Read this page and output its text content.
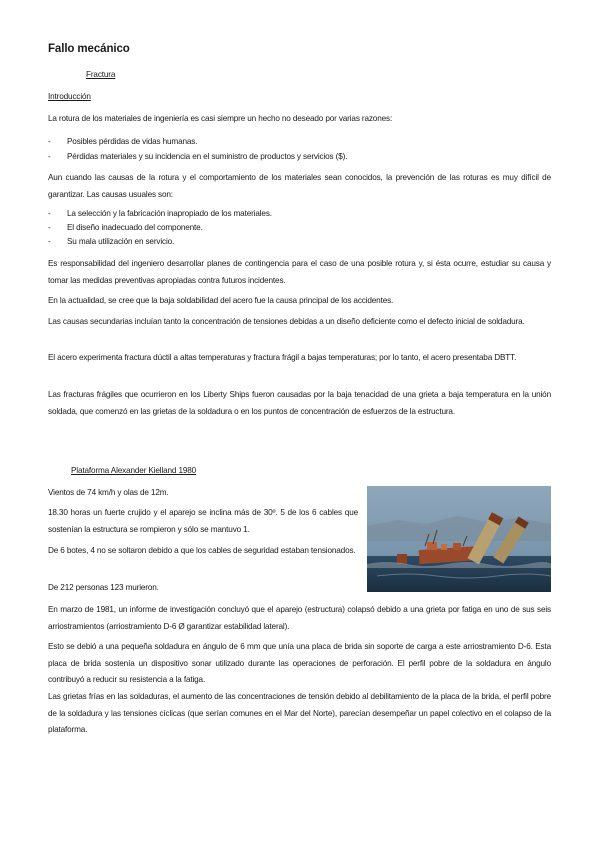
Fallo mecánico
Fractura
Introducción
La rotura de los materiales de ingeniería es casi siempre un hecho no deseado por varias razones:
- Posibles pérdidas de vidas humanas.
- Pérdidas materiales y su incidencia en el suministro de productos y servicios ($).
Aun cuando las causas de la rotura y el comportamiento de los materiales sean conocidos, la prevención de las roturas es muy difícil de garantizar. Las causas usuales son:
- La selección y la fabricación inapropiado de los materiales.
- El diseño inadecuado del componente.
- Su mala utilización en servicio.
Es responsabilidad del ingeniero desarrollar planes de contingencia para el caso de una posible rotura y, si ésta ocurre, estudiar su causa y tomar las medidas preventivas apropiadas contra futuros incidentes.
En la actualidad, se cree que la baja soldabilidad del acero fue la causa principal de los accidentes.
Las causas secundarias incluían tanto la concentración de tensiones debidas a un diseño deficiente como el defecto inicial de soldadura.
El acero experimenta fractura dúctil a altas temperaturas y fractura frágil a bajas temperaturas; por lo tanto, el acero presentaba DBTT.
Las fracturas frágiles que ocurrieron en los Liberty Ships fueron causadas por la baja tenacidad de una grieta a baja temperatura en la unión soldada, que comenzó en las grietas de la soldadura o en los puntos de concentración de esfuerzos de la estructura.
Plataforma Alexander Kielland 1980
Vientos de 74 km/h y olas de 12m.
18.30 horas un fuerte crujido y el aparejo se inclina más de 30º. 5 de los 6 cables que sostenían la estructura se rompieron y sólo se mantuvo 1.
De 6 botes, 4 no se soltaron debido a que los cables de seguridad estaban tensionados.
De 212 personas 123 murieron.
En marzo de 1981, un informe de investigación concluyó que el aparejo (estructura) colapsó debido a una grieta por fatiga en uno de sus seis arriostramientos (arriostramiento D-6 Ø garantizar estabilidad lateral).
Esto se debió a una pequeña soldadura en ángulo de 6 mm que unía una placa de brida sin soporte de carga a este arriostramiento D-6. Esta placa de brida sostenía un dispositivo sonar utilizado durante las operaciones de perforación. El perfil pobre de la soldadura en ángulo contribuyó a reducir su resistencia a la fatiga.
Las grietas frías en las soldaduras, el aumento de las concentraciones de tensión debido al debilitamiento de la placa de la brida, el perfil pobre de la soldadura y las tensiones cíclicas (que serían comunes en el Mar del Norte), parecían desempeñar un papel colectivo en el colapso de la plataforma.
